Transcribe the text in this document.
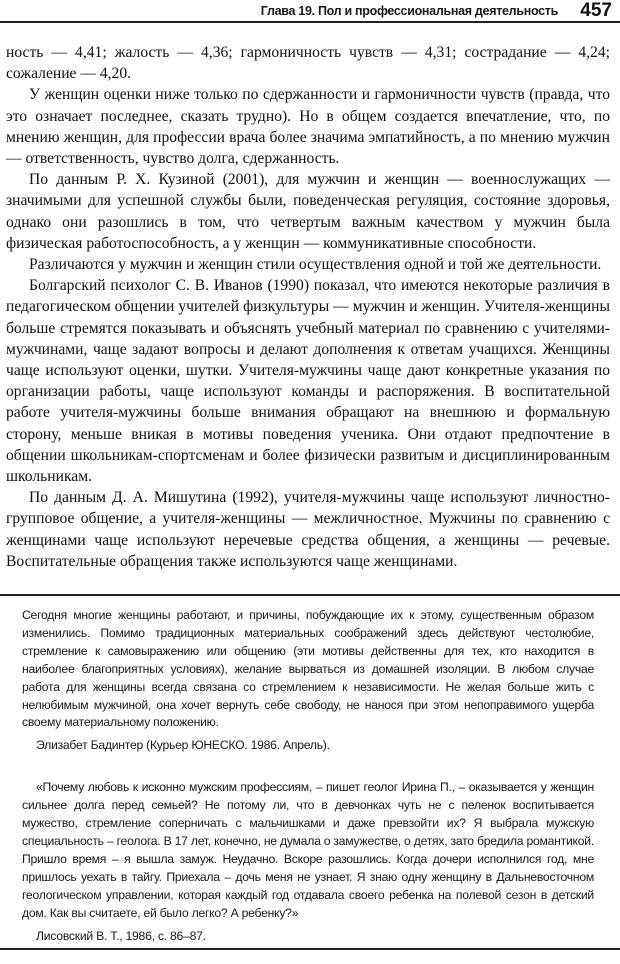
Глава 19. Пол и профессиональная деятельность 457

ность — 4,41; жалость — 4,36; гармоничность чувств — 4,31; сострадание — 4,24; сожаление — 4,20.

У женщин оценки ниже только по сдержанности и гармоничности чувств (правда, что это означает последнее, сказать трудно). Но в общем создается впечатление, что, по мнению женщин, для профессии врача более значима эмпатийность, а по мнению мужчин — ответственность, чувство долга, сдержанность.

По данным Р. Х. Кузиной (2001), для мужчин и женщин — военнослужащих — значимыми для успешной службы были, поведенческая регуляция, состояние здоровья, однако они разошлись в том, что четвертым важным качеством у мужчин была физическая работоспособность, а у женщин — коммуникативные способности.

Различаются у мужчин и женщин стили осуществления одной и той же деятельности.

Болгарский психолог С. В. Иванов (1990) показал, что имеются некоторые различия в педагогическом общении учителей физкультуры — мужчин и женщин. Учителя-женщины больше стремятся показывать и объяснять учебный материал по сравнению с учителями-мужчинами, чаще задают вопросы и делают дополнения к ответам учащихся. Женщины чаще используют оценки, шутки. Учителя-мужчины чаще дают конкретные указания по организации работы, чаще используют команды и распоряжения. В воспитательной работе учителя-мужчины больше внимания обращают на внешнюю и формальную сторону, меньше вникая в мотивы поведения ученика. Они отдают предпочтение в общении школьникам-спортсменам и более физически развитым и дисциплинированным школьникам.

По данным Д. А. Мишутина (1992), учителя-мужчины чаще используют личностно-групповое общение, а учителя-женщины — межличностное. Мужчины по сравнению с женщинами чаще используют неречевые средства общения, а женщины — речевые. Воспитательные обращения также используются чаще женщинами.

Сегодня многие женщины работают, и причины, побуждающие их к этому, существенным образом изменились. Помимо традиционных материальных соображений здесь действуют честолюбие, стремление к самовыражению или общению (эти мотивы действенны для тех, кто находится в наиболее благоприятных условиях), желание вырваться из домашней изоляции. В любом случае работа для женщины всегда связана со стремлением к независимости. Не желая больше жить с нелюбимым мужчиной, она хочет вернуть себе свободу, не нанося при этом непоправимого ущерба своему материальному положению.

Элизабет Бадинтер (Курьер ЮНЕСКО. 1986. Апрель).

«Почему любовь к исконно мужским профессиям, – пишет геолог Ирина П., – оказывается у женщин сильнее долга перед семьей? Не потому ли, что в девчонках чуть не с пеленок воспитывается мужество, стремление соперничать с мальчишками и даже превзойти их? Я выбрала мужскую специальность – геолога. В 17 лет, конечно, не думала о замужестве, о детях, зато бредила романтикой. Пришло время – я вышла замуж. Неудачно. Вскоре разошлись. Когда дочери исполнился год, мне пришлось уехать в тайгу. Приехала – дочь меня не узнает. Я знаю одну женщину в Дальневосточном геологическом управлении, которая каждый год отдавала своего ребенка на полевой сезон в детский дом. Как вы считаете, ей было легко? А ребенку?»

Лисовский В. Т., 1986, с. 86–87.
